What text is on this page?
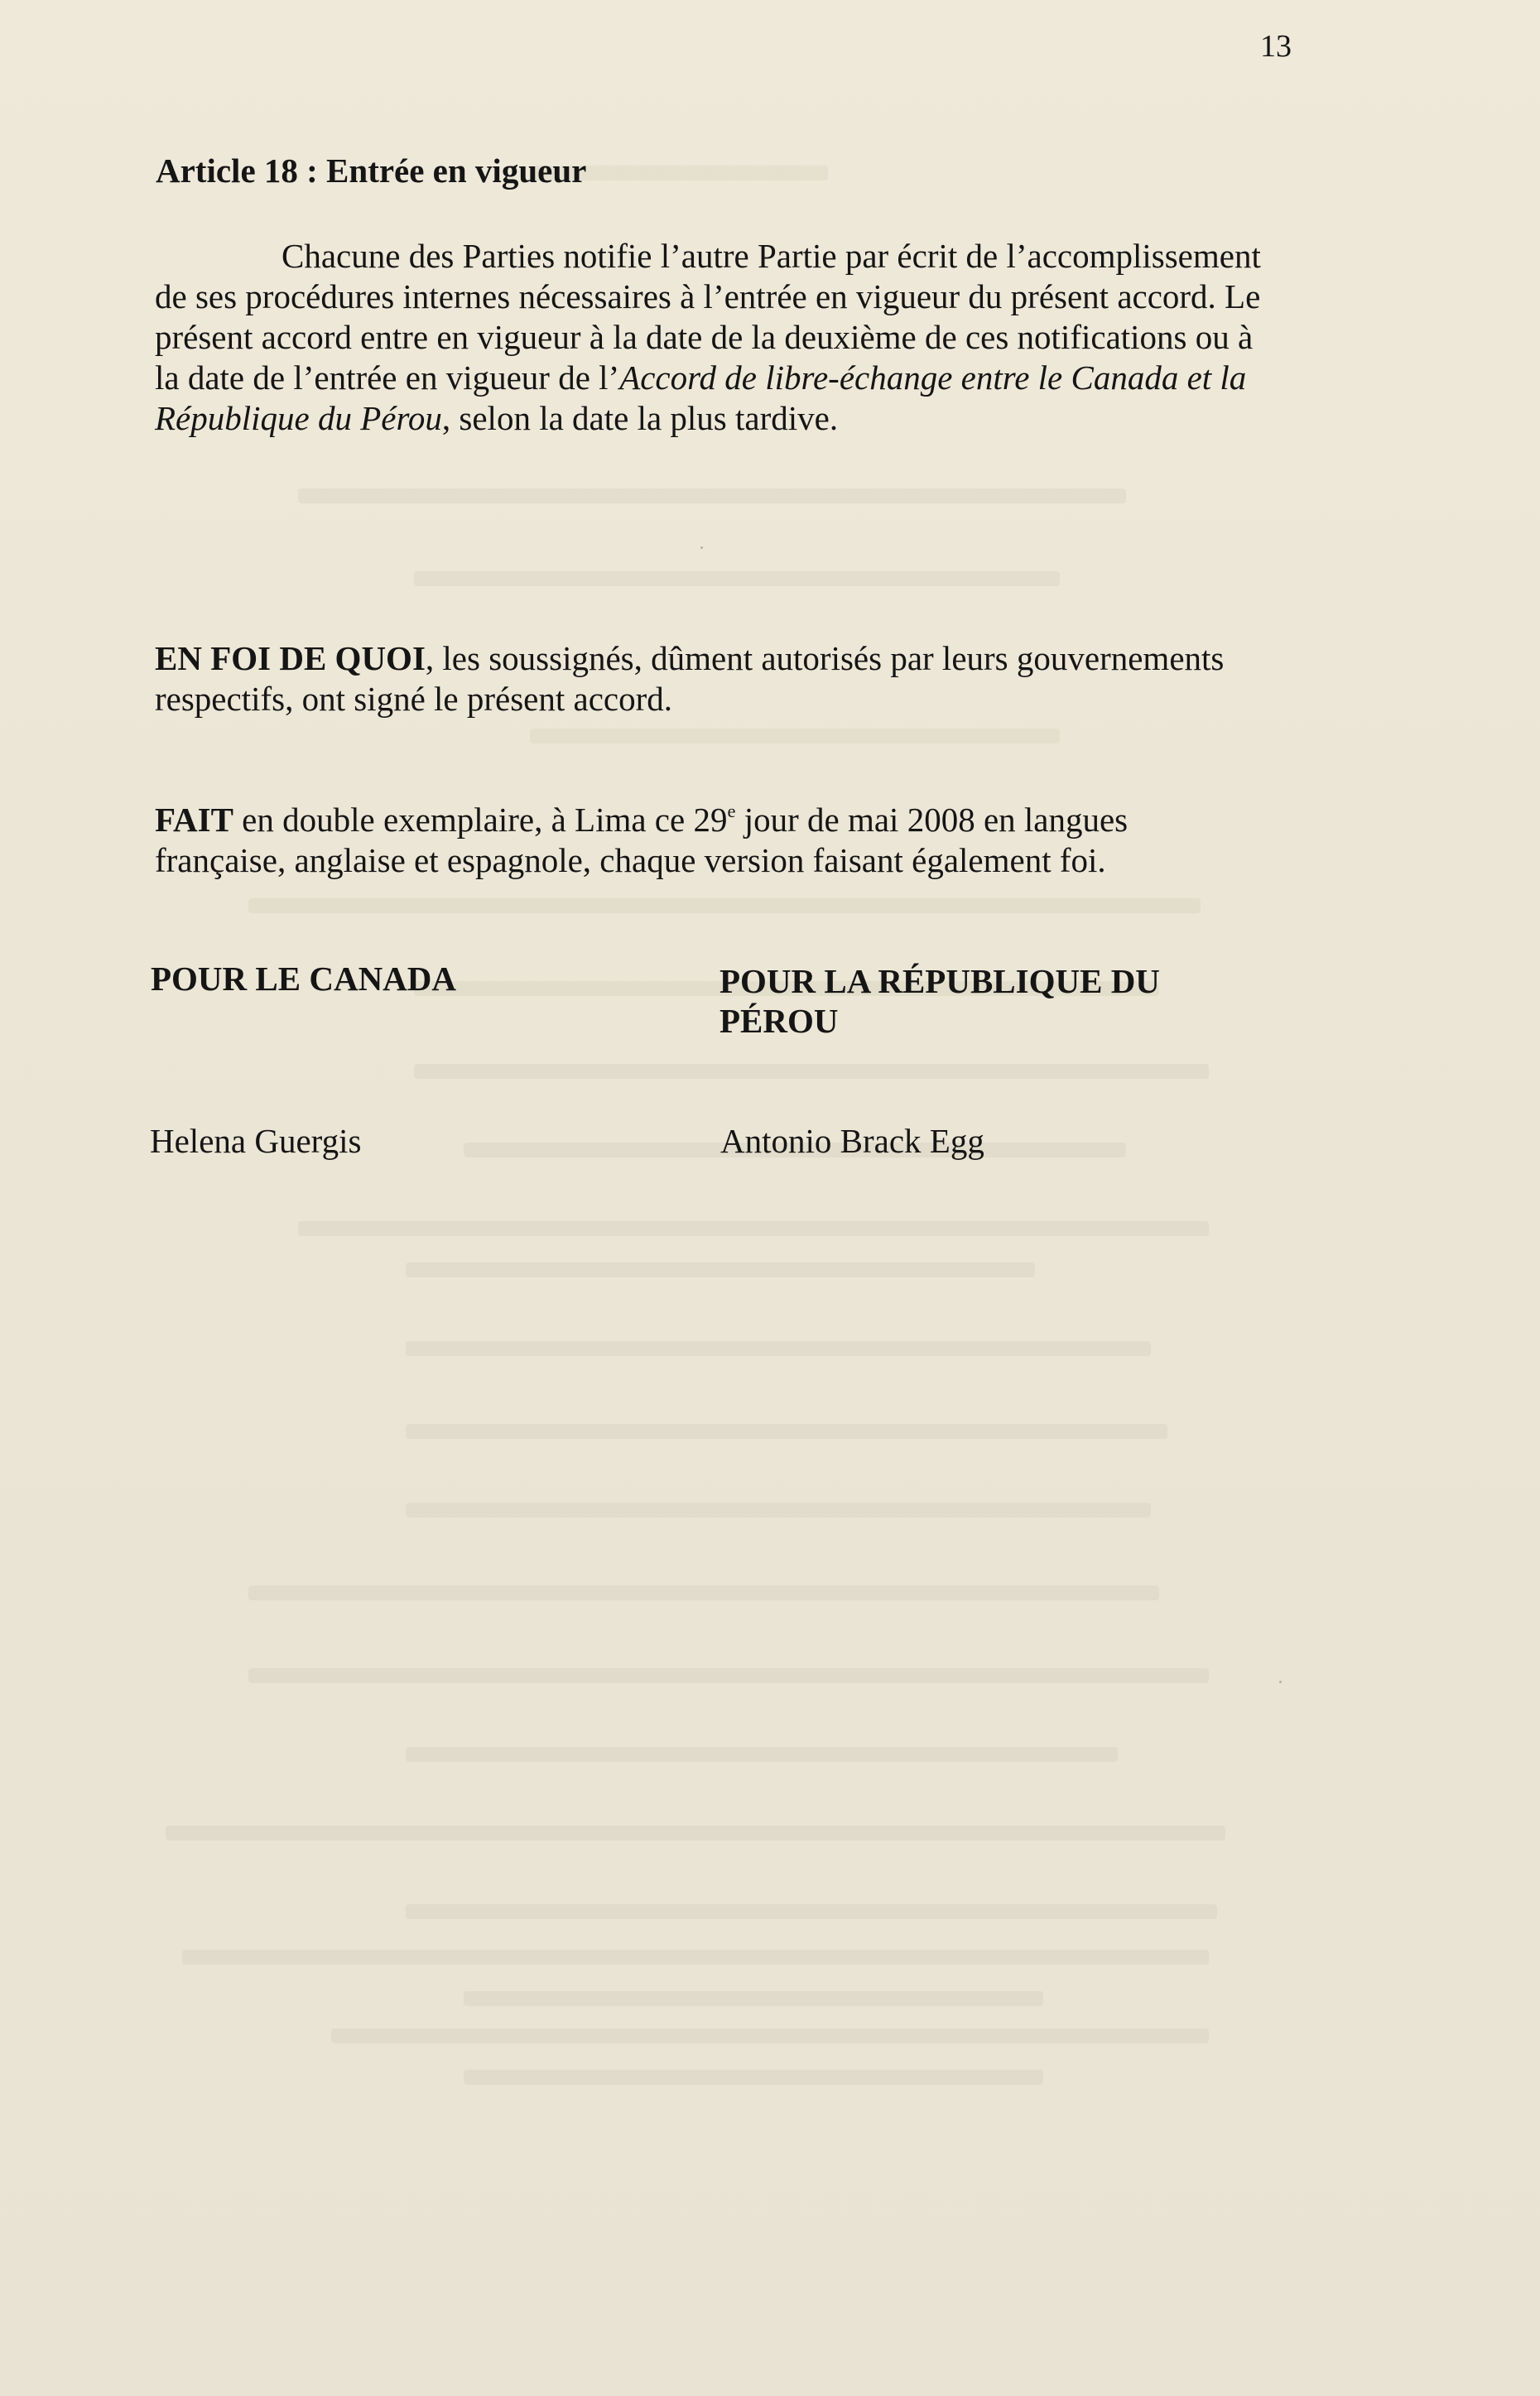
13
Article 18 : Entrée en vigueur

Chacune des Parties notifie l’autre Partie par écrit de l’accomplissement de ses procédures internes nécessaires à l’entrée en vigueur du présent accord. Le présent accord entre en vigueur à la date de la deuxième de ces notifications ou à la date de l’entrée en vigueur de l’Accord de libre-échange entre le Canada et la République du Pérou, selon la date la plus tardive.

EN FOI DE QUOI, les soussignés, dûment autorisés par leurs gouvernements respectifs, ont signé le présent accord.

FAIT en double exemplaire, à Lima ce 29e jour de mai 2008 en langues française, anglaise et espagnole, chaque version faisant également foi.

POUR LE CANADA	POUR LA RÉPUBLIQUE DU PÉROU

Helena Guergis	Antonio Brack Egg
